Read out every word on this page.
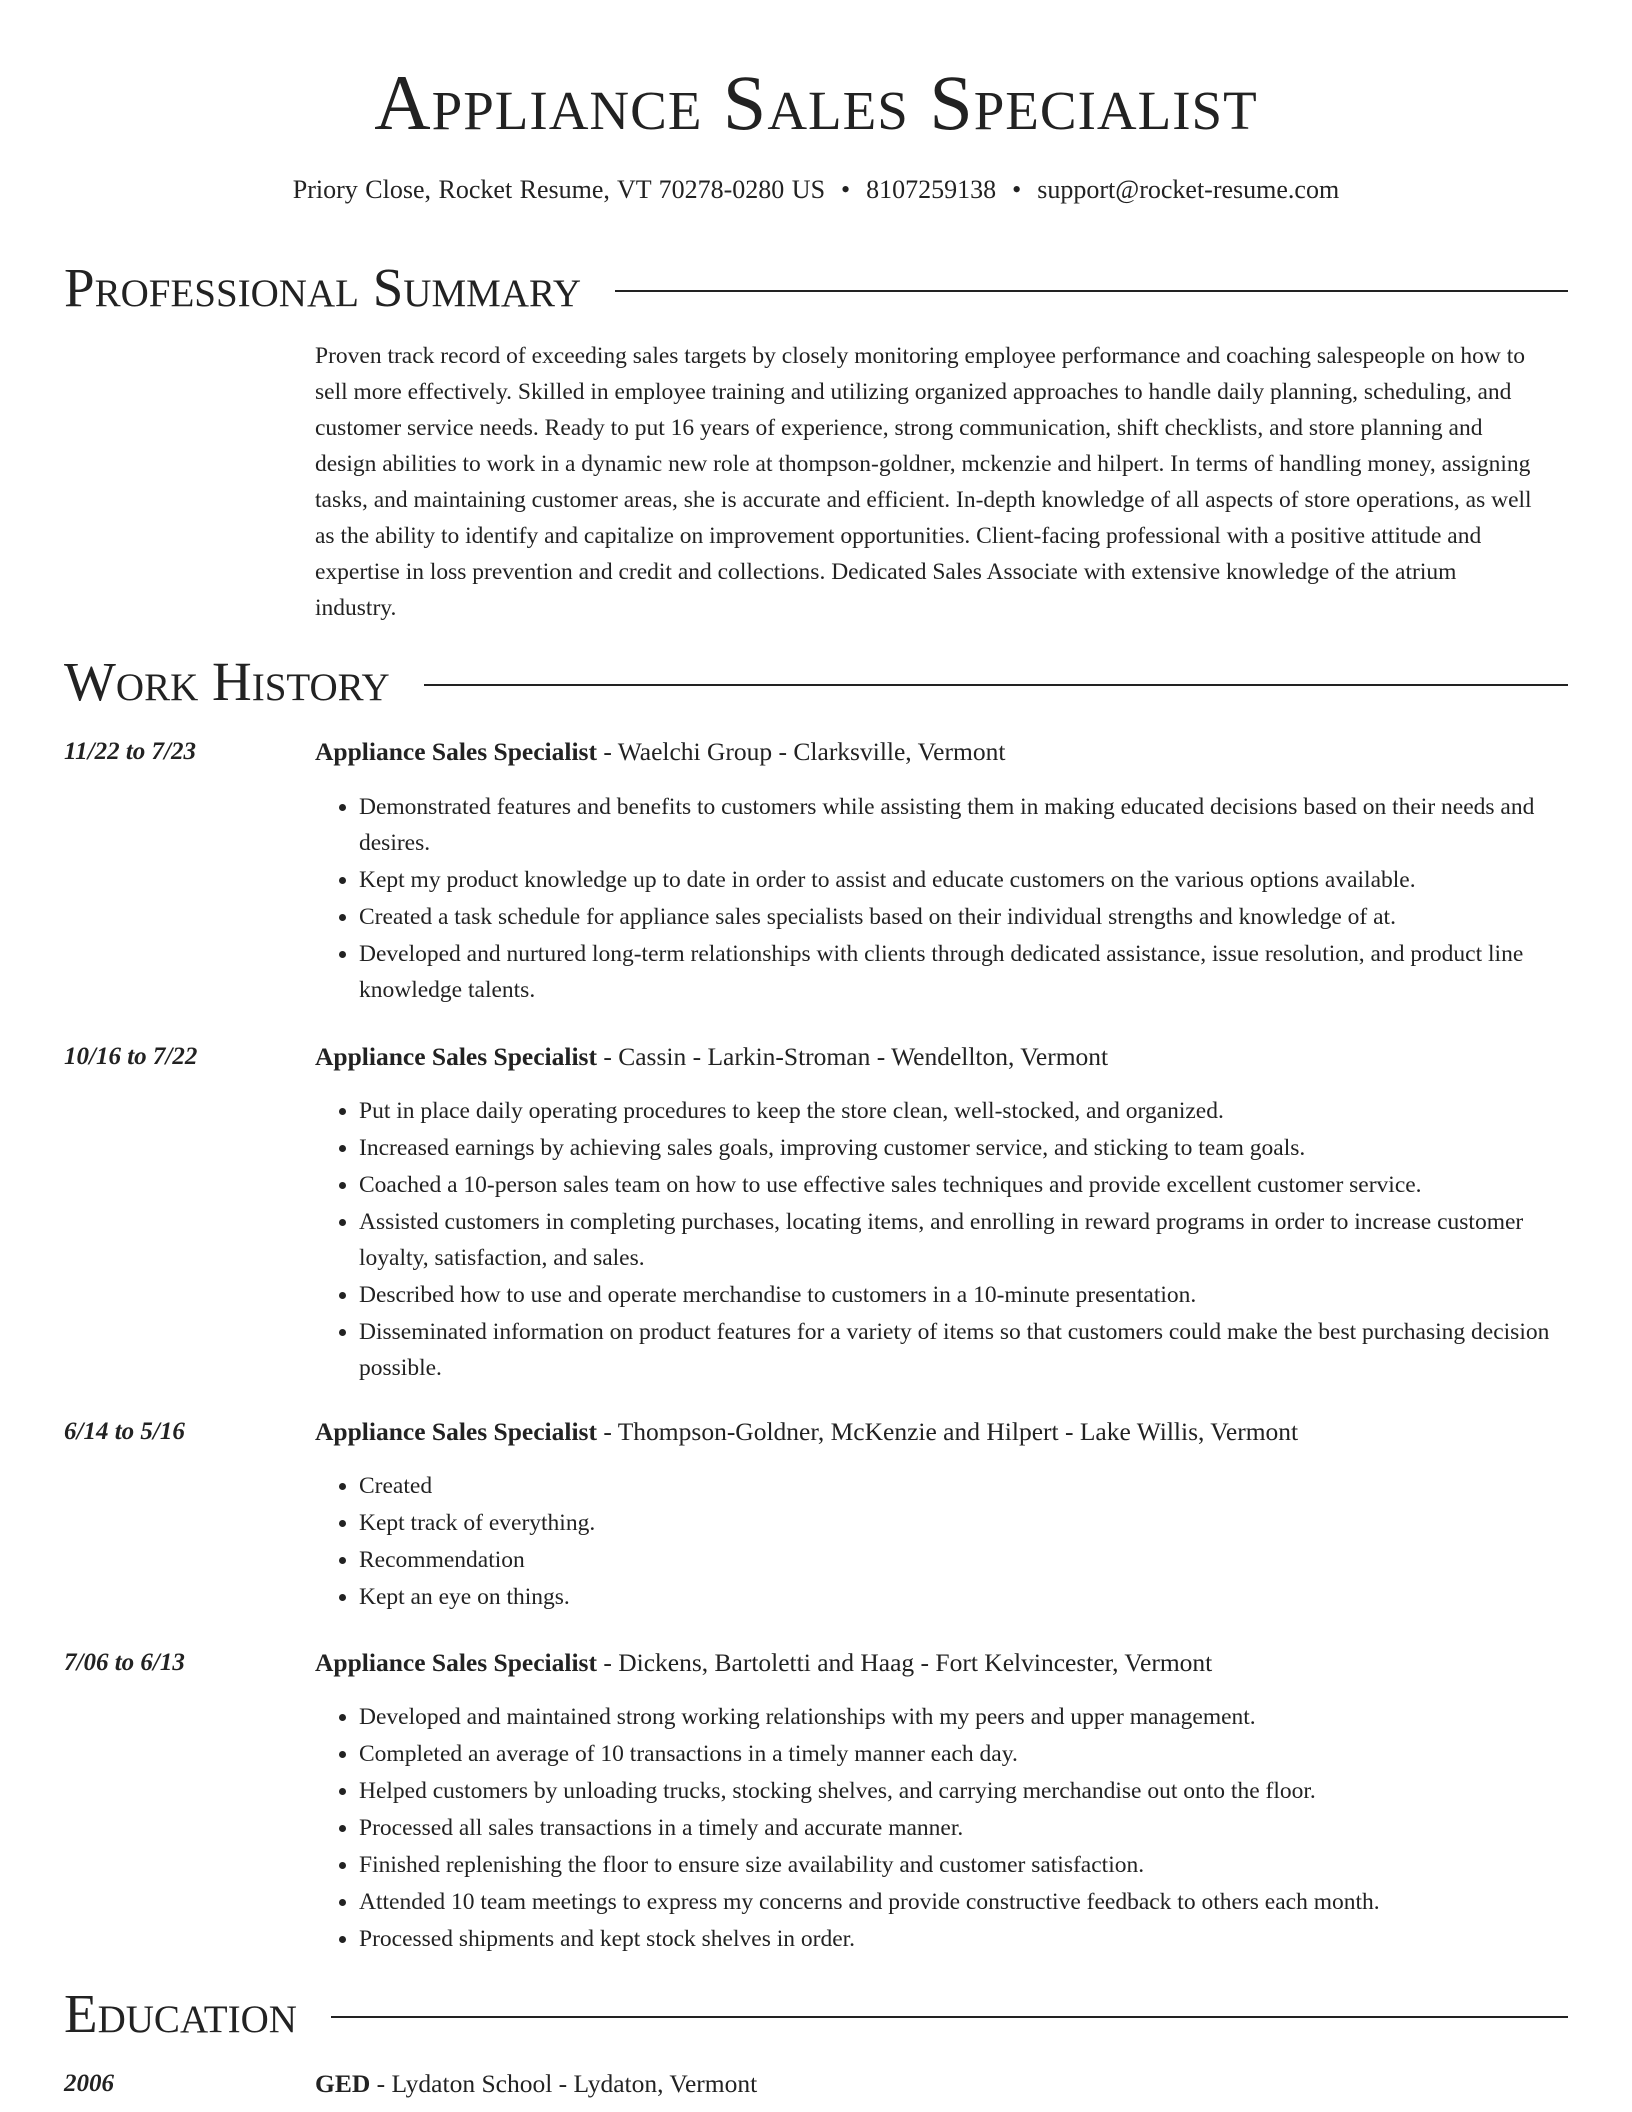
Appliance Sales Specialist
Priory Close, Rocket Resume, VT 70278-0280 US • 8107259138 • support@rocket-resume.com
Professional Summary

Proven track record of exceeding sales targets by closely monitoring employee performance and coaching salespeople on how to sell more effectively. Skilled in employee training and utilizing organized approaches to handle daily planning, scheduling, and customer service needs. Ready to put 16 years of experience, strong communication, shift checklists, and store planning and design abilities to work in a dynamic new role at thompson-goldner, mckenzie and hilpert. In terms of handling money, assigning tasks, and maintaining customer areas, she is accurate and efficient. In-depth knowledge of all aspects of store operations, as well as the ability to identify and capitalize on improvement opportunities. Client-facing professional with a positive attitude and expertise in loss prevention and credit and collections. Dedicated Sales Associate with extensive knowledge of the atrium industry.

Work History
11/22 to 7/23	Appliance Sales Specialist - Waelchi Group - Clarksville, Vermont
• Demonstrated features and benefits to customers while assisting them in making educated decisions based on their needs and desires.
• Kept my product knowledge up to date in order to assist and educate customers on the various options available.
• Created a task schedule for appliance sales specialists based on their individual strengths and knowledge of at.
• Developed and nurtured long-term relationships with clients through dedicated assistance, issue resolution, and product line knowledge talents.
10/16 to 7/22	Appliance Sales Specialist - Cassin - Larkin-Stroman - Wendellton, Vermont
• Put in place daily operating procedures to keep the store clean, well-stocked, and organized.
• Increased earnings by achieving sales goals, improving customer service, and sticking to team goals.
• Coached a 10-person sales team on how to use effective sales techniques and provide excellent customer service.
• Assisted customers in completing purchases, locating items, and enrolling in reward programs in order to increase customer loyalty, satisfaction, and sales.
• Described how to use and operate merchandise to customers in a 10-minute presentation.
• Disseminated information on product features for a variety of items so that customers could make the best purchasing decision possible.
6/14 to 5/16	Appliance Sales Specialist - Thompson-Goldner, McKenzie and Hilpert - Lake Willis, Vermont
• Created
• Kept track of everything.
• Recommendation
• Kept an eye on things.
7/06 to 6/13	Appliance Sales Specialist - Dickens, Bartoletti and Haag - Fort Kelvincester, Vermont
• Developed and maintained strong working relationships with my peers and upper management.
• Completed an average of 10 transactions in a timely manner each day.
• Helped customers by unloading trucks, stocking shelves, and carrying merchandise out onto the floor.
• Processed all sales transactions in a timely and accurate manner.
• Finished replenishing the floor to ensure size availability and customer satisfaction.
• Attended 10 team meetings to express my concerns and provide constructive feedback to others each month.
• Processed shipments and kept stock shelves in order.
Education
2006	GED - Lydaton School - Lydaton, Vermont
